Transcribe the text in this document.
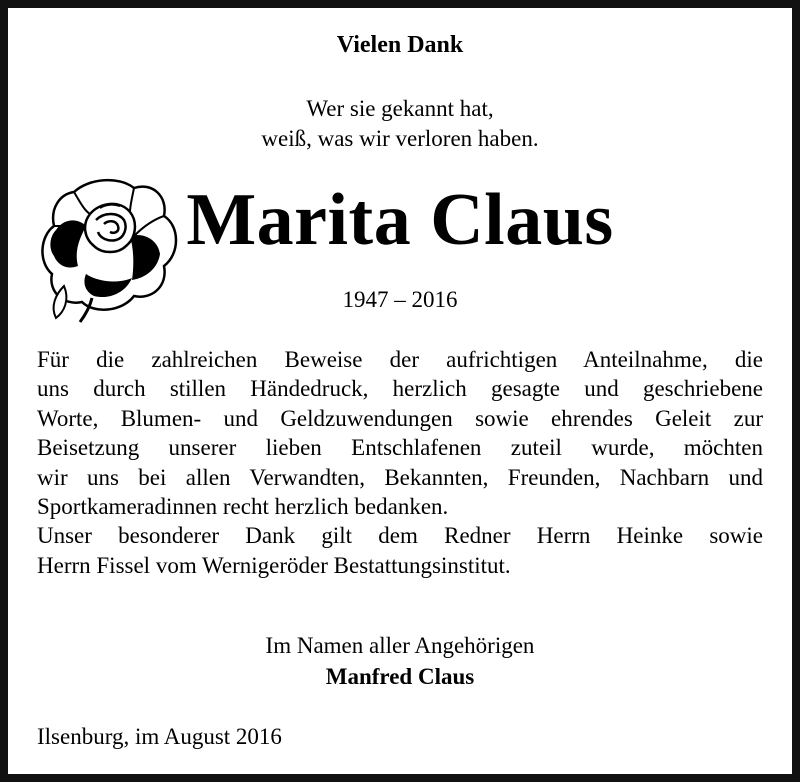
Vielen Dank
Wer sie gekannt hat,
weiß, was wir verloren haben.
Marita Claus
1947 – 2016
Für die zahlreichen Beweise der aufrichtigen Anteilnahme, die
uns durch stillen Händedruck, herzlich gesagte und geschriebene
Worte, Blumen- und Geldzuwendungen sowie ehrendes Geleit zur
Beisetzung unserer lieben Entschlafenen zuteil wurde, möchten
wir uns bei allen Verwandten, Bekannten, Freunden, Nachbarn und
Sportkameradinnen recht herzlich bedanken.
Unser besonderer Dank gilt dem Redner Herrn Heinke sowie
Herrn Fissel vom Wernigeröder Bestattungsinstitut.
Im Namen aller Angehörigen
Manfred Claus
Ilsenburg, im August 2016
